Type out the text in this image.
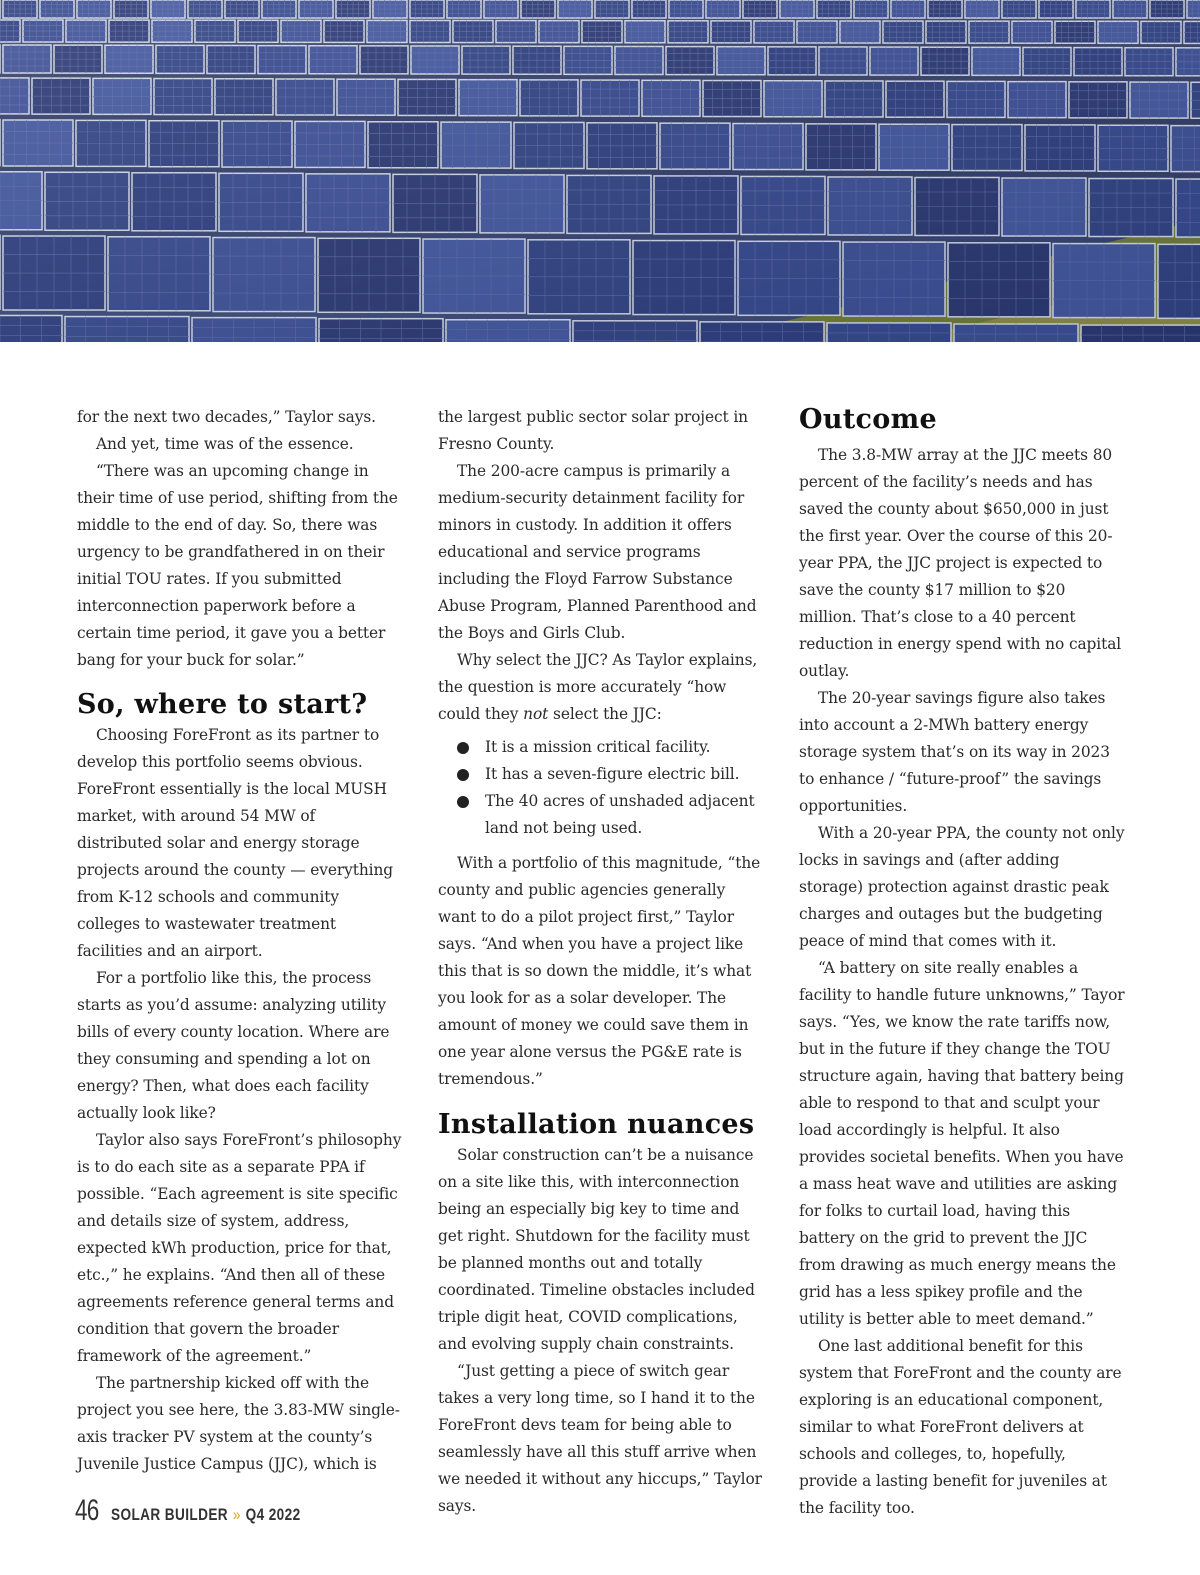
for the next two decades,” Taylor says.

And yet, time was of the essence.

“There was an upcoming change in their time of use period, shifting from the middle to the end of day. So, there was urgency to be grandfathered in on their initial TOU rates. If you submitted interconnection paperwork before a certain time period, it gave you a better bang for your buck for solar.”

So, where to start?

Choosing ForeFront as its partner to develop this portfolio seems obvious. ForeFront essentially is the local MUSH market, with around 54 MW of distributed solar and energy storage projects around the county — everything from K-12 schools and community colleges to wastewater treatment facilities and an airport.

For a portfolio like this, the process starts as you’d assume: analyzing utility bills of every county location. Where are they consuming and spending a lot on energy? Then, what does each facility actually look like?

Taylor also says ForeFront’s philosophy is to do each site as a separate PPA if possible. “Each agreement is site specific and details size of system, address, expected kWh production, price for that, etc.,” he explains. “And then all of these agreements reference general terms and condition that govern the broader framework of the agreement.”

The partnership kicked off with the project you see here, the 3.83-MW single-axis tracker PV system at the county’s Juvenile Justice Campus (JJC), which is

the largest public sector solar project in Fresno County.

The 200-acre campus is primarily a medium-security detainment facility for minors in custody. In addition it offers educational and service programs including the Floyd Farrow Substance Abuse Program, Planned Parenthood and the Boys and Girls Club.

Why select the JJC? As Taylor explains, the question is more accurately “how could they not select the JJC:

It is a mission critical facility.
It has a seven-figure electric bill.
The 40 acres of unshaded adjacent land not being used.

With a portfolio of this magnitude, “the county and public agencies generally want to do a pilot project first,” Taylor says. “And when you have a project like this that is so down the middle, it’s what you look for as a solar developer. The amount of money we could save them in one year alone versus the PG&E rate is tremendous.”

Installation nuances

Solar construction can’t be a nuisance on a site like this, with interconnection being an especially big key to time and get right. Shutdown for the facility must be planned months out and totally coordinated. Timeline obstacles included triple digit heat, COVID complications, and evolving supply chain constraints.

“Just getting a piece of switch gear takes a very long time, so I hand it to the ForeFront devs team for being able to seamlessly have all this stuff arrive when we needed it without any hiccups,” Taylor says.

Outcome

The 3.8-MW array at the JJC meets 80 percent of the facility’s needs and has saved the county about $650,000 in just the first year. Over the course of this 20-year PPA, the JJC project is expected to save the county $17 million to $20 million. That’s close to a 40 percent reduction in energy spend with no capital outlay.

The 20-year savings figure also takes into account a 2-MWh battery energy storage system that’s on its way in 2023 to enhance / “future-proof” the savings opportunities.

With a 20-year PPA, the county not only locks in savings and (after adding storage) protection against drastic peak charges and outages but the budgeting peace of mind that comes with it.

“A battery on site really enables a facility to handle future unknowns,” Tayor says. “Yes, we know the rate tariffs now, but in the future if they change the TOU structure again, having that battery being able to respond to that and sculpt your load accordingly is helpful. It also provides societal benefits. When you have a mass heat wave and utilities are asking for folks to curtail load, having this battery on the grid to prevent the JJC from drawing as much energy means the grid has a less spikey profile and the utility is better able to meet demand.”

One last additional benefit for this system that ForeFront and the county are exploring is an educational component, similar to what ForeFront delivers at schools and colleges, to, hopefully, provide a lasting benefit for juveniles at the facility too.

46 SOLAR BUILDER » Q4 2022
